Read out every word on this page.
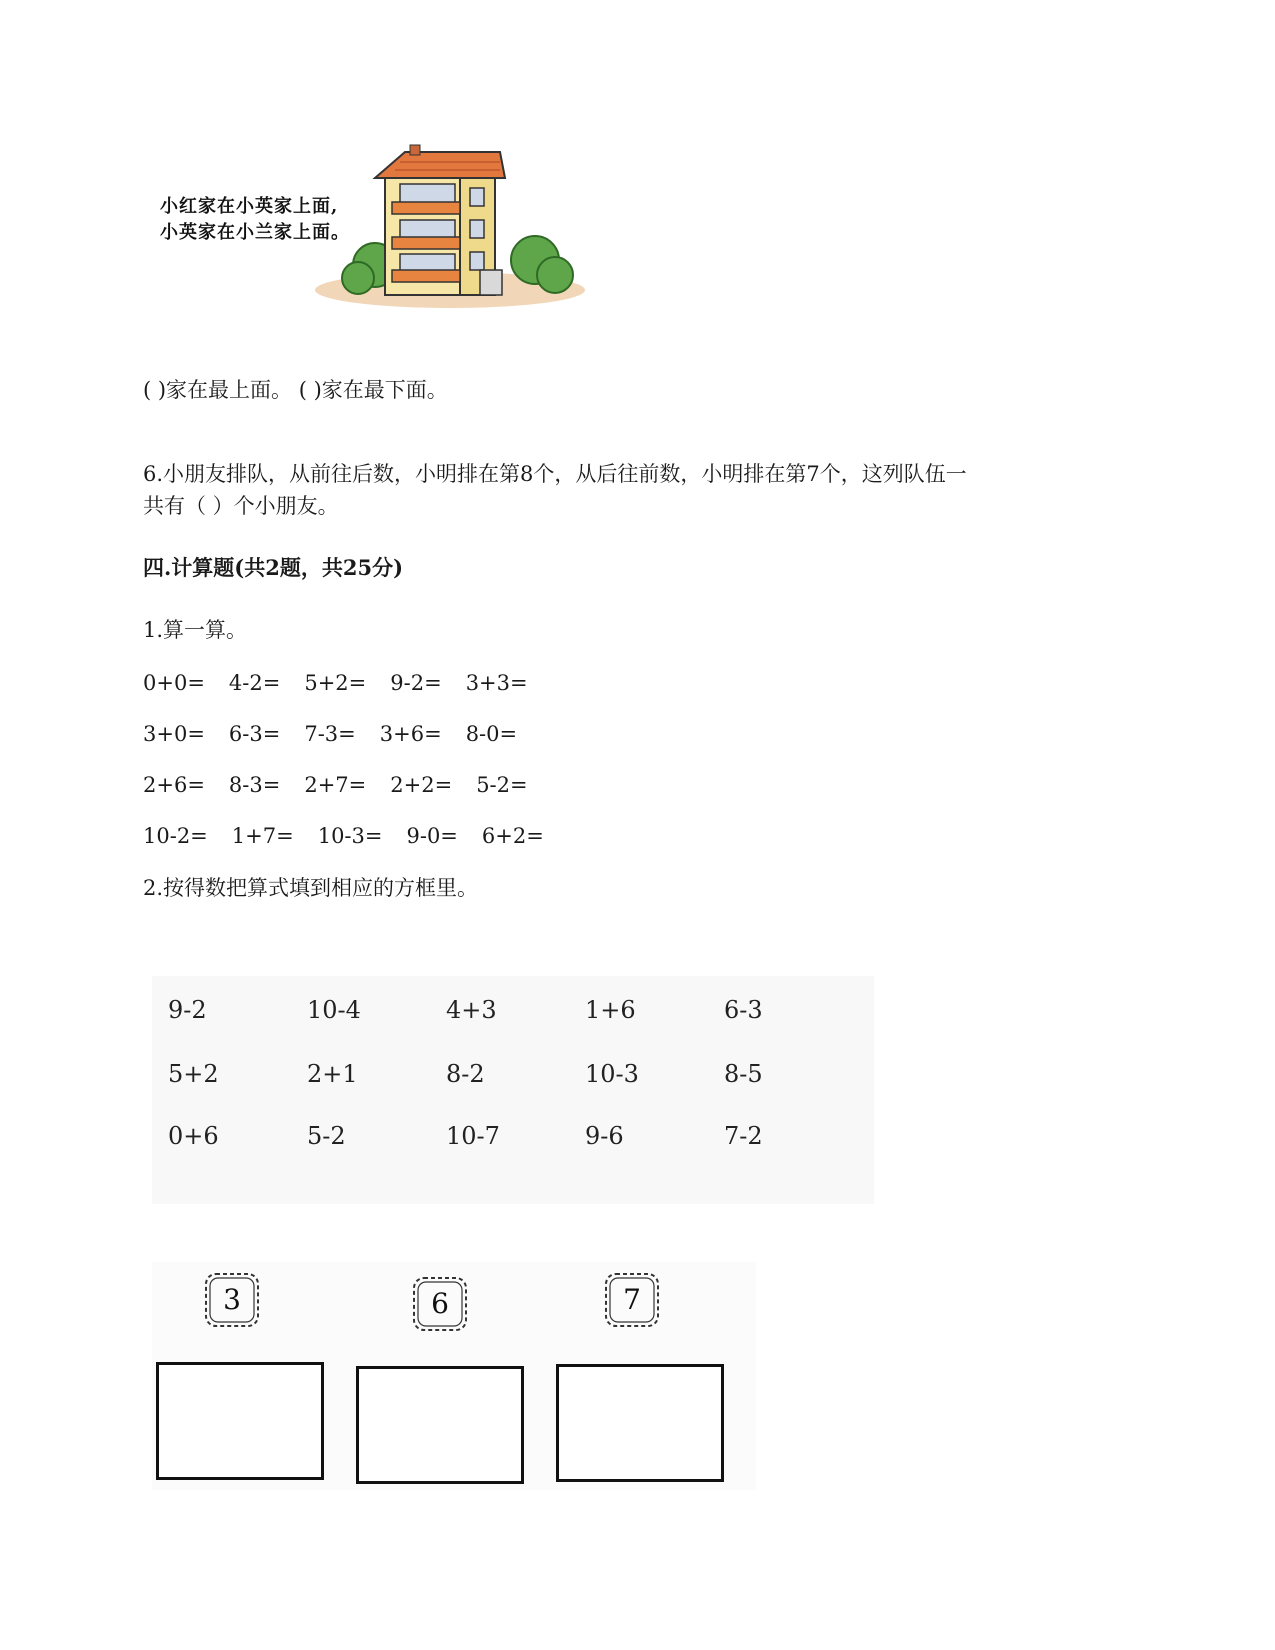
小红家在小英家上面,
小英家在小兰家上面。
( )家在最上面。 ( )家在最下面。
6.小朋友排队，从前往后数，小明排在第8个，从后往前数，小明排在第7个，这列队伍一
共有（ ）个小朋友。
四.计算题(共2题，共25分)
1.算一算。
0+0= 4-2= 5+2= 9-2= 3+3=
3+0= 6-3= 7-3= 3+6= 8-0=
2+6= 8-3= 2+7= 2+2= 5-2=
10-2= 1+7= 10-3= 9-0= 6+2=
2.按得数把算式填到相应的方框里。
9-2	10-4	4+3	1+6	6-3
5+2	2+1	8-2	10-3	8-5
0+6	5-2	10-7	9-6	7-2
3	6	7
